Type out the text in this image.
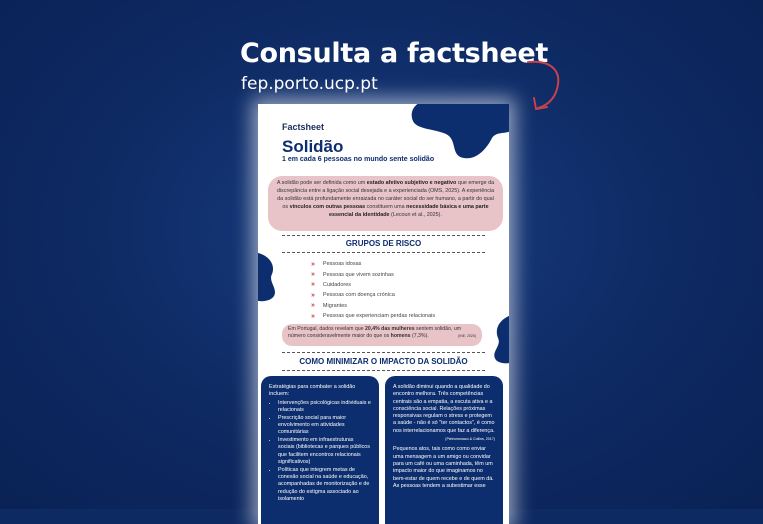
Consulta a factsheet
fep.porto.ucp.pt
Factsheet
Solidão
1 em cada 6 pessoas no mundo sente solidão
A solidão pode ser definida como um estado afetivo subjetivo e negativo que emerge da discrepância entre a ligação social desejada e a experienciada (OMS, 2025). A experiência da solidão está profundamente enraizada no caráter social do ser humano, a partir do qual os vínculos com outras pessoas constituem uma necessidade básica e uma parte essencial da identidade (Lecoun et al., 2025).
GRUPOS DE RISCO
» Pessoas idosas
» Pessoas que vivem sozinhas
» Cuidadores
» Pessoas com doença crónica
» Migrantes
» Pessoas que experienciam perdas relacionais
Em Portugal, dados revelam que 20,4% das mulheres sentem solidão, um número consideravelmente maior do que os homens (7,3%).	(INE, 2025)
COMO MINIMIZAR O IMPACTO DA SOLIDÃO
Estratégias para combater a solidão incluem:
• Intervenções psicológicas individuais e relacionais
• Prescrição social para maior envolvimento em atividades comunitárias
• Investimento em infraestruturas sociais (bibliotecas e parques públicos que facilitem encontros relacionais significativos)
• Políticas que integrem metas de conexão social na saúde e educação, acompanhadas de monitorização e de redução do estigma associado ao isolamento
A solidão diminui quando a qualidade do encontro melhora. Três competências centrais são a empatia, a escuta ativa e a consciência social. Relações próximas responsivas regulam o stress e protegem a saúde - não é só "ter contactos", é como nos interrelacionamos que faz a diferença.
(Pietromonaco & Collins, 2017)
Pequenos atos, tais como como enviar uma mensagem a um amigo ou convidar para um café ou uma caminhada, têm um impacto maior do que imaginamos no bem-estar de quem recebe e de quem dá. As pessoas tendem a subestimar esse
